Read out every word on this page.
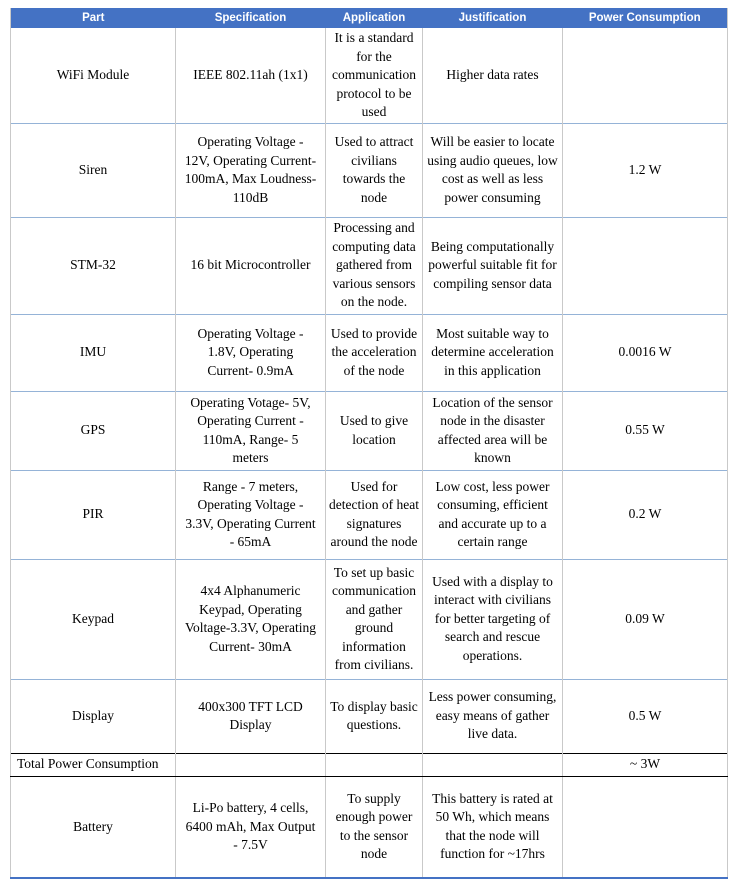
Part	Specification	Application	Justification	Power Consumption
WiFi Module	IEEE 802.11ah (1x1)	It is a standard for the communication protocol to be used	Higher data rates	
Siren	Operating Voltage - 12V, Operating Current- 100mA, Max Loudness- 110dB	Used to attract civilians towards the node	Will be easier to locate using audio queues, low cost as well as less power consuming	1.2 W
STM-32	16 bit Microcontroller	Processing and computing data gathered from various sensors on the node.	Being computationally powerful suitable fit for compiling sensor data	
IMU	Operating Voltage - 1.8V, Operating Current- 0.9mA	Used to provide the acceleration of the node	Most suitable way to determine acceleration in this application	0.0016 W
GPS	Operating Votage- 5V, Operating Current - 110mA, Range- 5 meters	Used to give location	Location of the sensor node in the disaster affected area will be known	0.55 W
PIR	Range - 7 meters, Operating Voltage - 3.3V, Operating Current - 65mA	Used for detection of heat signatures around the node	Low cost, less power consuming, efficient and accurate up to a certain range	0.2 W
Keypad	4x4 Alphanumeric Keypad, Operating Voltage-3.3V, Operating Current- 30mA	To set up basic communication and gather ground information from civilians.	Used with a display to interact with civilians for better targeting of search and rescue operations.	0.09 W
Display	400x300 TFT LCD Display	To display basic questions.	Less power consuming, easy means of gather live data.	0.5 W
Total Power Consumption				~ 3W
Battery	Li-Po battery, 4 cells, 6400 mAh, Max Output - 7.5V	To supply enough power to the sensor node	This battery is rated at 50 Wh, which means that the node will function for ~17hrs	
